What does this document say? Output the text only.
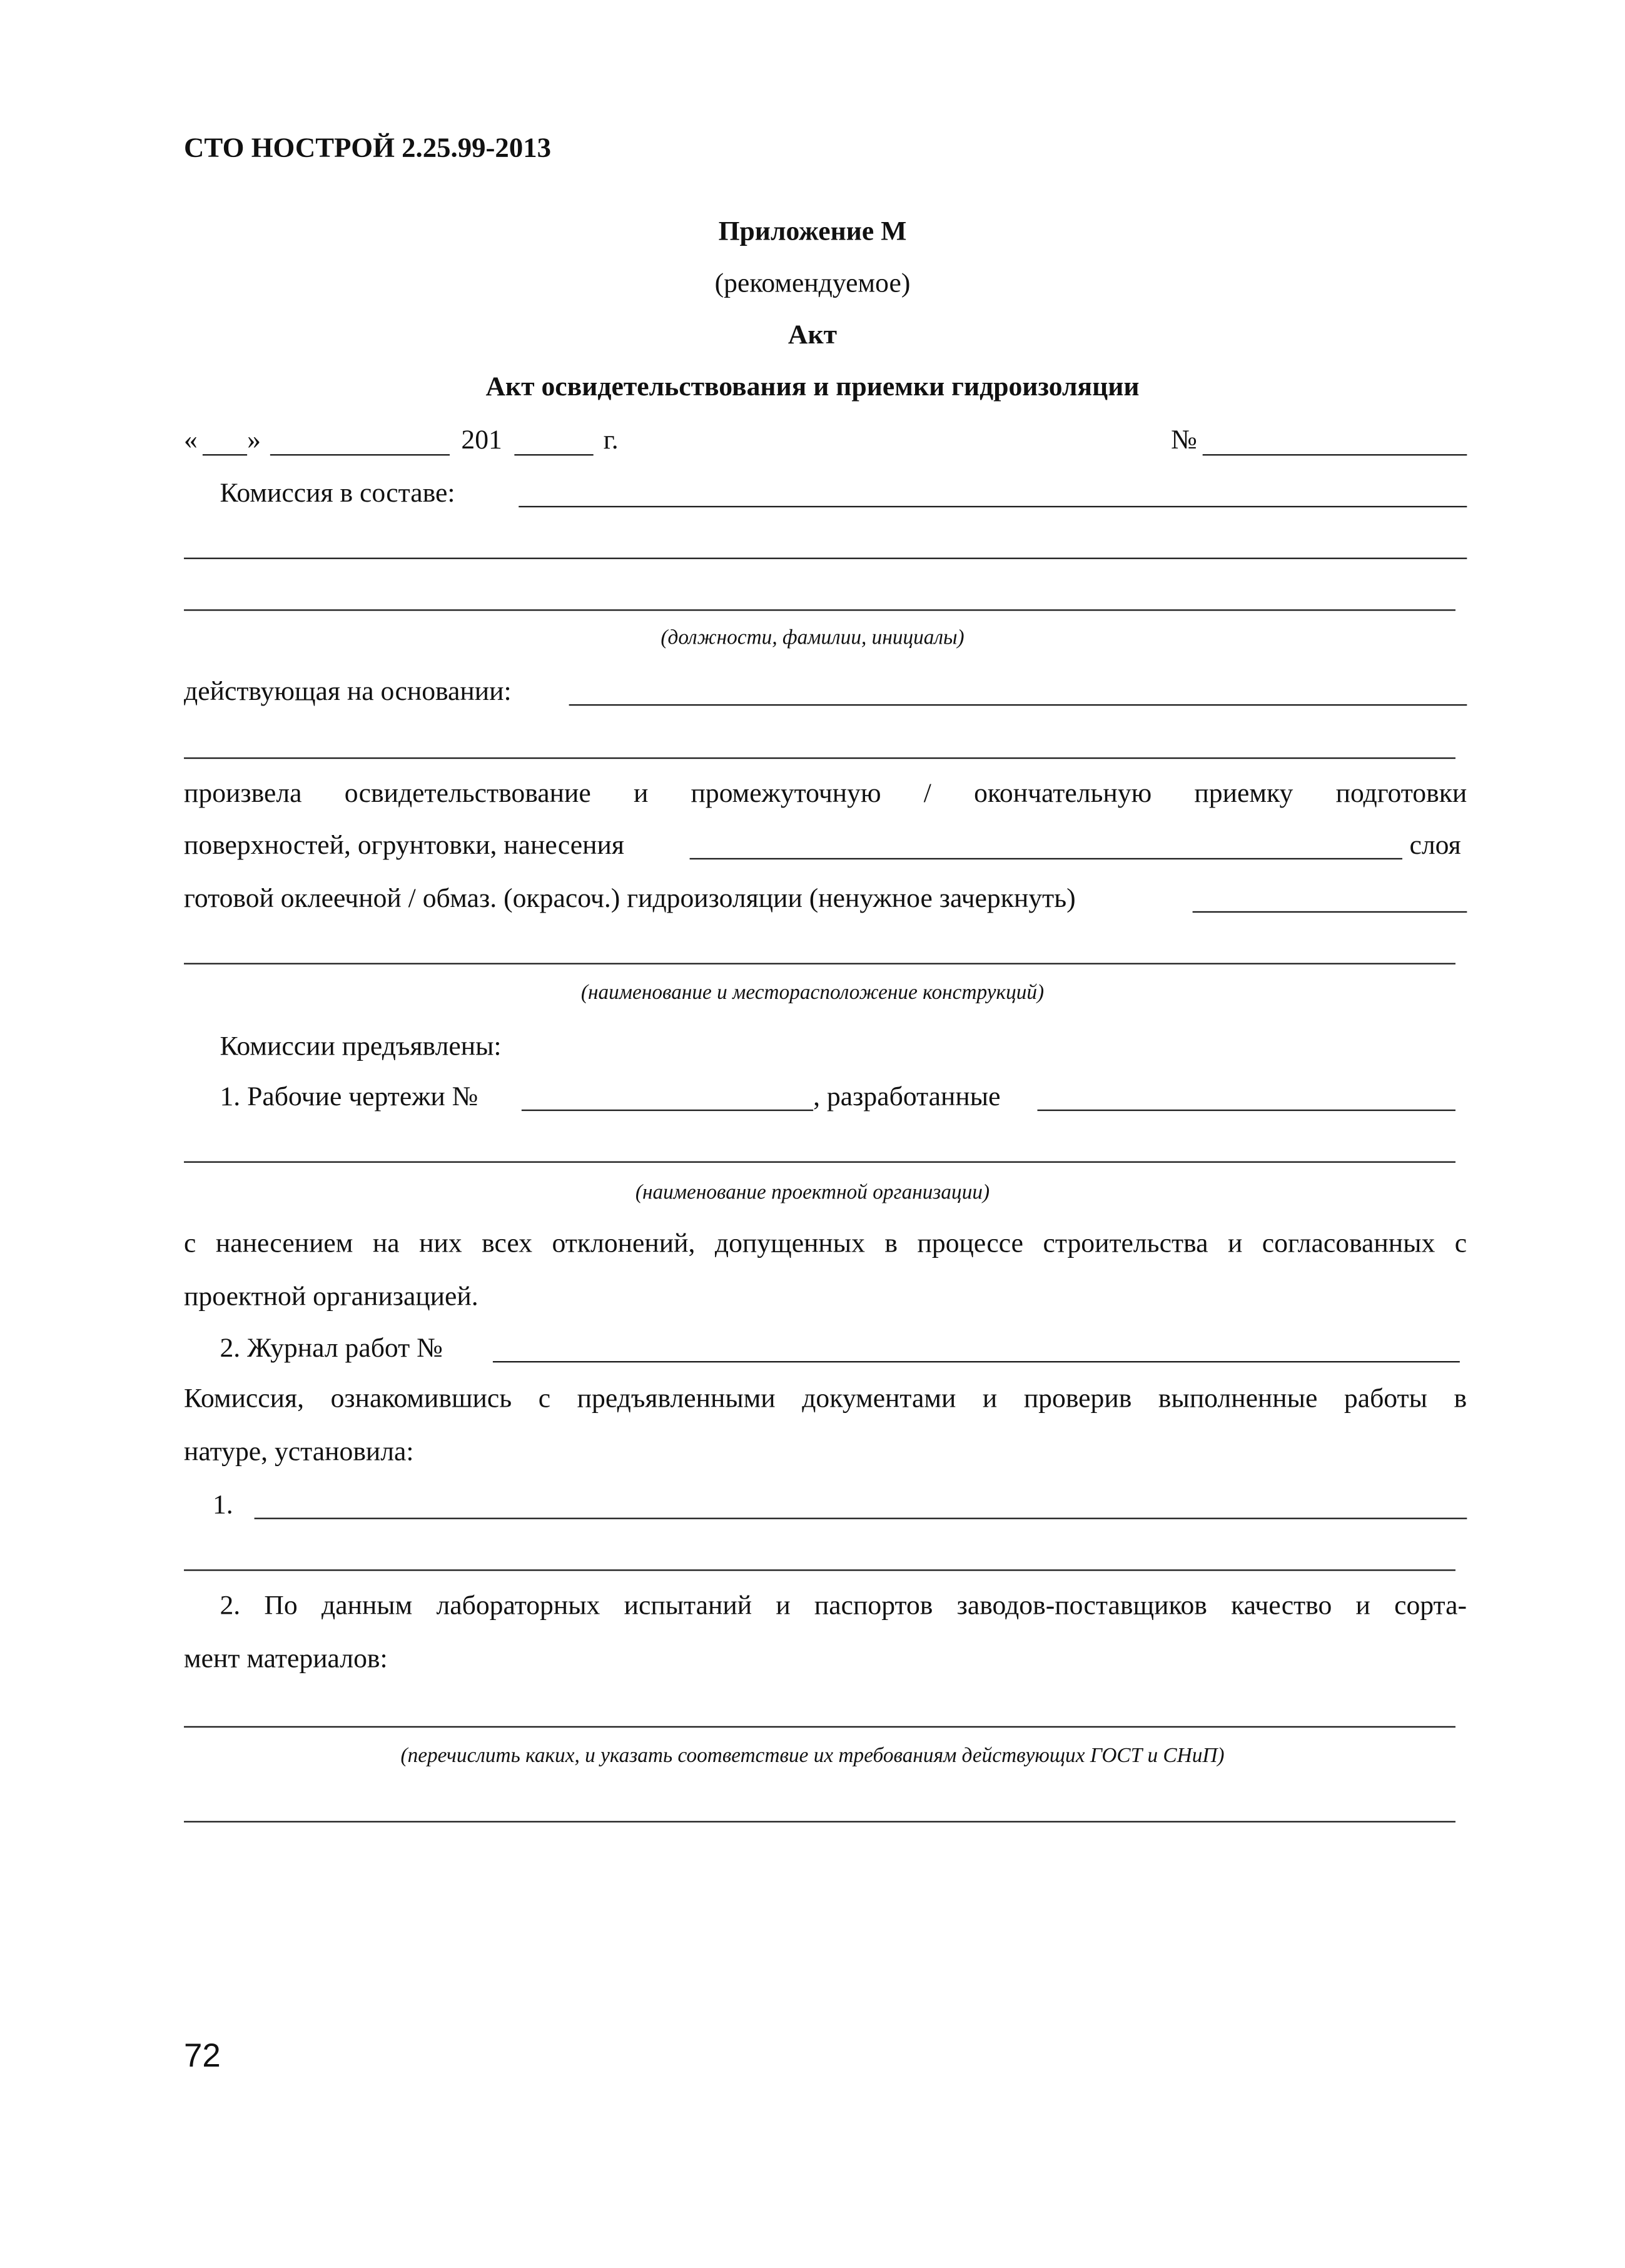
СТО НОСТРОЙ 2.25.99-2013
Приложение М
(рекомендуемое)
Акт
Акт освидетельствования и приемки гидроизоляции
«	»	201	г.	№
Комиссия в составе:
(должности, фамилии, инициалы)
действующая на основании:
произвела	освидетельствование	и	промежуточную	/	окончательную	приемку	подготовки
поверхностей, огрунтовки, нанесения	слоя
готовой оклеечной / обмаз. (окрасоч.) гидроизоляции (ненужное зачеркнуть)
(наименование и месторасположение конструкций)
Комиссии предъявлены:
1. Рабочие чертежи №	, разработанные
(наименование проектной организации)
с нанесением на них всех отклонений, допущенных в процессе строительства и согласованных с
проектной организацией.
2. Журнал работ №
Комиссия, ознакомившись с предъявленными документами и проверив выполненные работы в
натуре, установила:
1.
2. По данным лабораторных испытаний и паспортов заводов-поставщиков качество и сорта-
мент материалов:
(перечислить каких, и указать соответствие их требованиям действующих ГОСТ и СНиП)
72
